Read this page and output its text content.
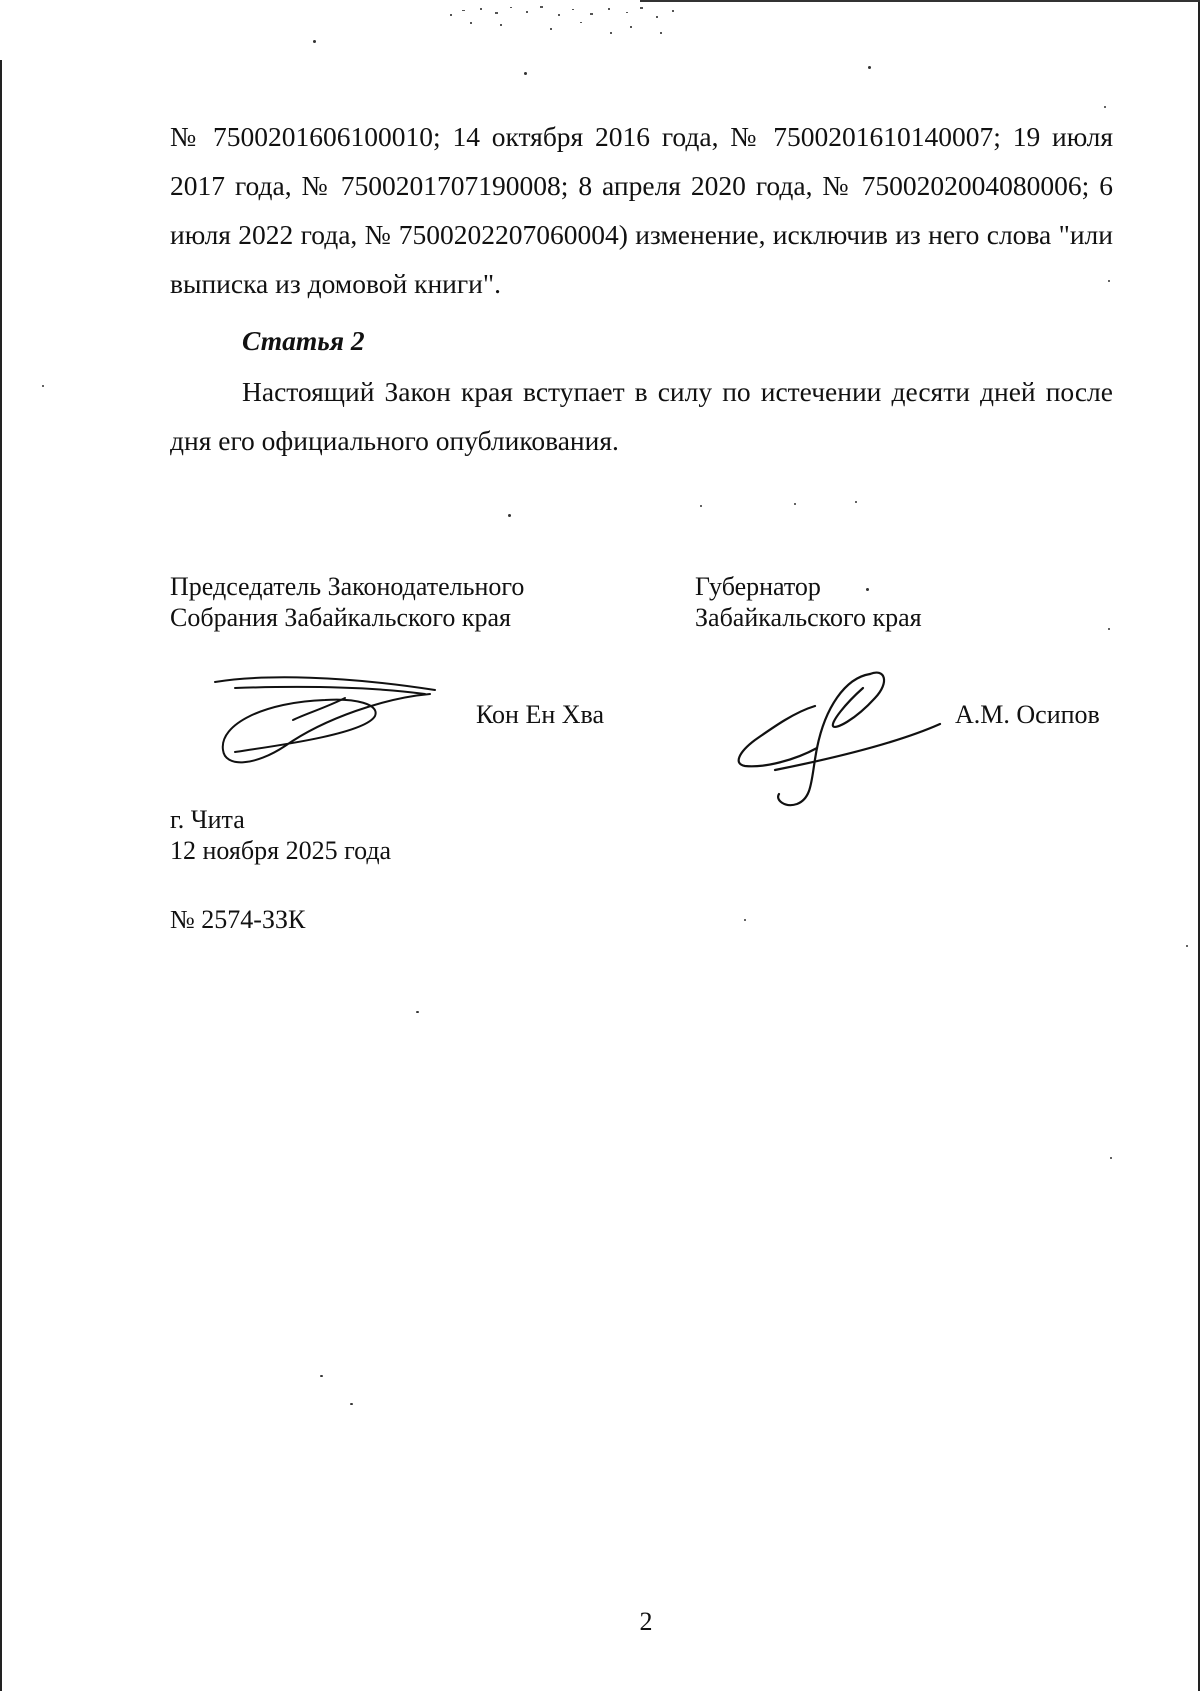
№ 7500201606100010; 14 октября 2016 года, № 7500201610140007; 19 июля 2017 года, № 7500201707190008; 8 апреля 2020 года, № 7500202004080006; 6 июля 2022 года, № 7500202207060004) изменение, исключив из него слова "или выписка из домовой книги".

Статья 2

Настоящий Закон края вступает в силу по истечении десяти дней после дня его официального опубликования.

Председатель Законодательного
Собрания Забайкальского края

Губернатор
Забайкальского края

Кон Ен Хва	А.М. Осипов

г. Чита
12 ноября 2025 года

№ 2574-ЗЗК

2
